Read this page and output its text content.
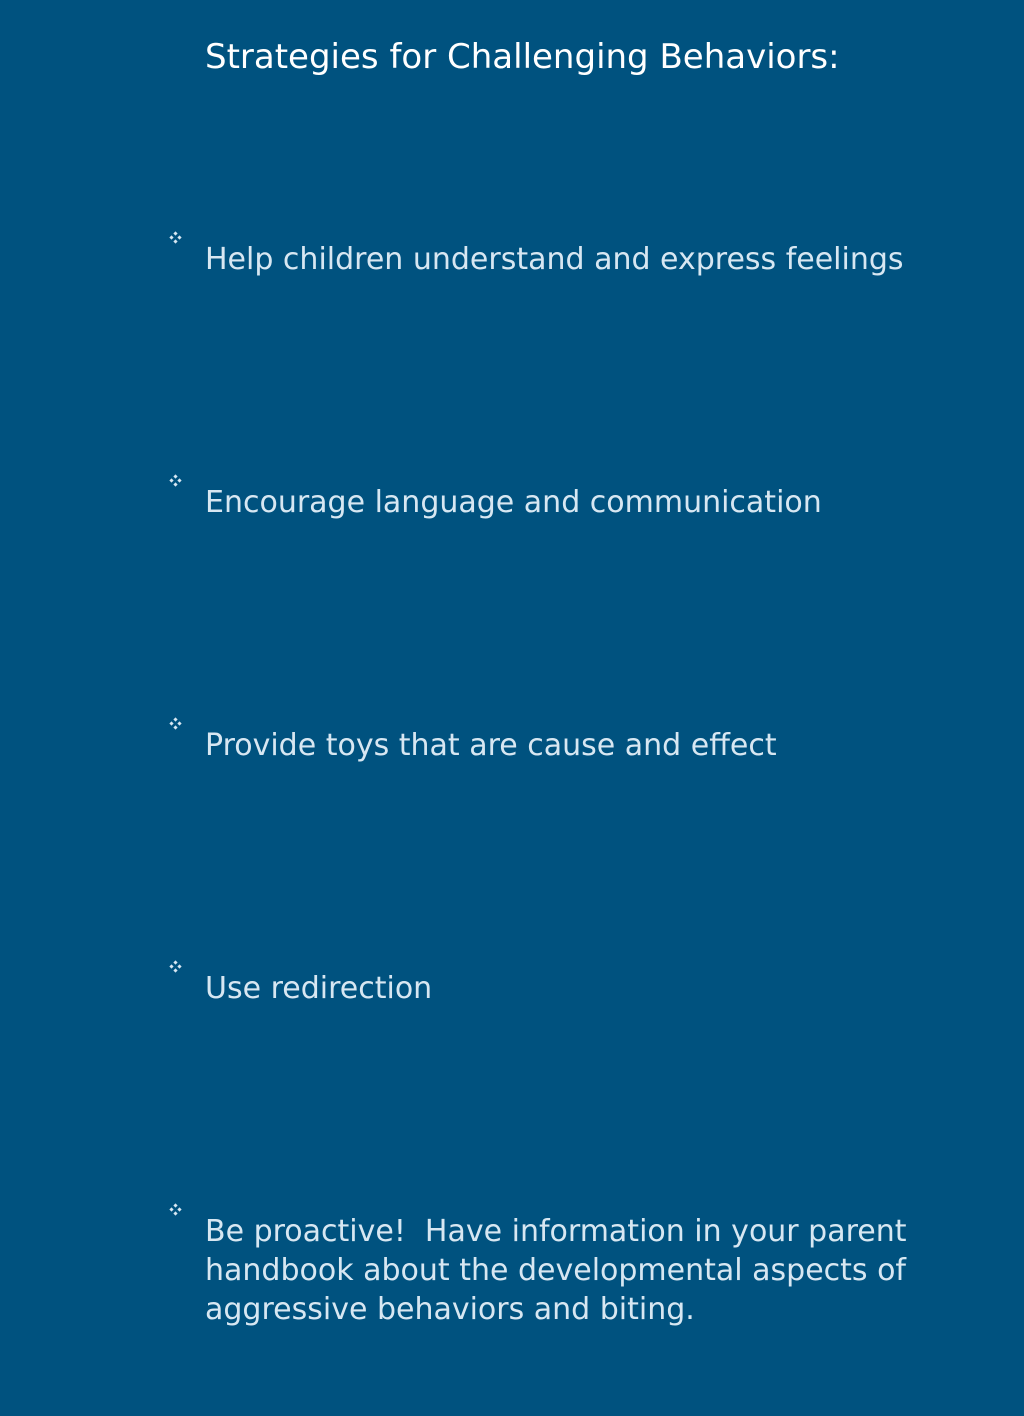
Strategies for Challenging Behaviors:

Help children understand and express feelings

Encourage language and communication

Provide toys that are cause and effect

Use redirection

Be proactive!  Have information in your parent handbook about the developmental aspects of aggressive behaviors and biting.
